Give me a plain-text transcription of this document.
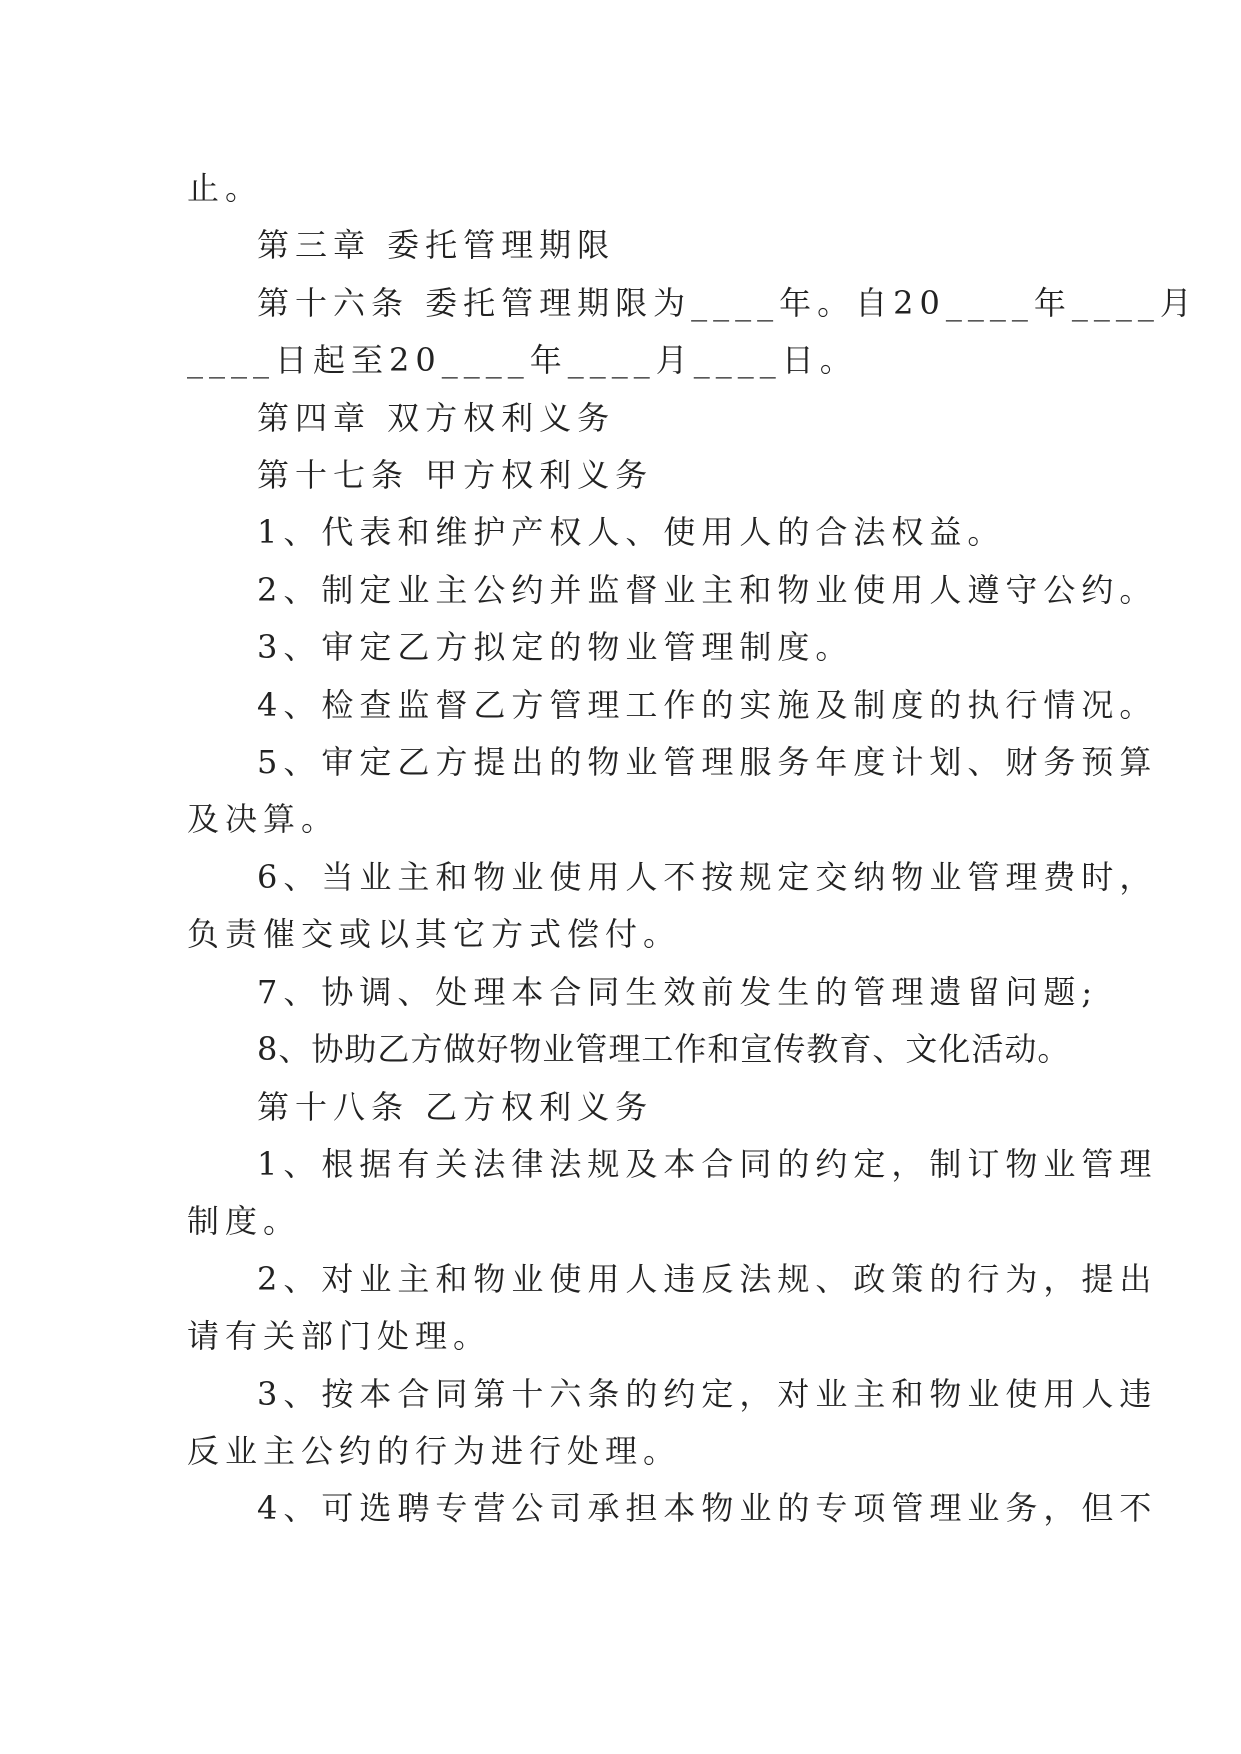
止。

第三章 委托管理期限

第十六条 委托管理期限为____年。自20____年____月

____日起至20____年____月____日。

第四章 双方权利义务

第十七条 甲方权利义务

1、代表和维护产权人、使用人的合法权益。

2、制定业主公约并监督业主和物业使用人遵守公约。

3、审定乙方拟定的物业管理制度。

4、检查监督乙方管理工作的实施及制度的执行情况。

5、审定乙方提出的物业管理服务年度计划、财务预算

及决算。

6、当业主和物业使用人不按规定交纳物业管理费时，

负责催交或以其它方式偿付。

7、协调、处理本合同生效前发生的管理遗留问题;

8、协助乙方做好物业管理工作和宣传教育、文化活动。

第十八条 乙方权利义务

1、根据有关法律法规及本合同的约定，制订物业管理

制度。

2、对业主和物业使用人违反法规、政策的行为，提出

请有关部门处理。

3、按本合同第十六条的约定，对业主和物业使用人违

反业主公约的行为进行处理。

4、可选聘专营公司承担本物业的专项管理业务，但不
